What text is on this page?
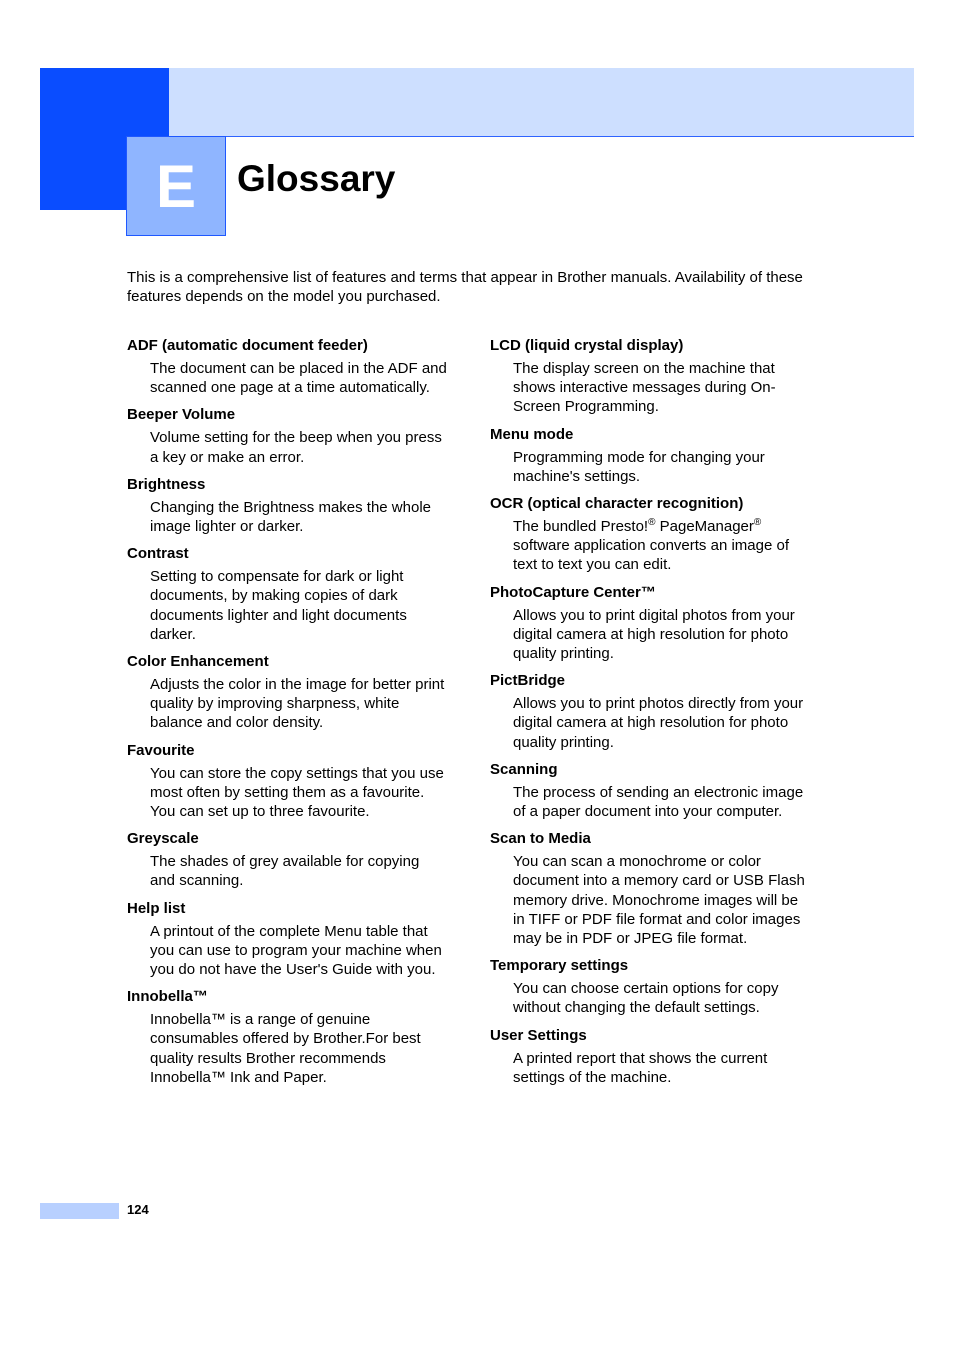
E Glossary
This is a comprehensive list of features and terms that appear in Brother manuals. Availability of these features depends on the model you purchased.
ADF (automatic document feeder)
The document can be placed in the ADF and scanned one page at a time automatically.
Beeper Volume
Volume setting for the beep when you press a key or make an error.
Brightness
Changing the Brightness makes the whole image lighter or darker.
Contrast
Setting to compensate for dark or light documents, by making copies of dark documents lighter and light documents darker.
Color Enhancement
Adjusts the color in the image for better print quality by improving sharpness, white balance and color density.
Favourite
You can store the copy settings that you use most often by setting them as a favourite. You can set up to three favourite.
Greyscale
The shades of grey available for copying and scanning.
Help list
A printout of the complete Menu table that you can use to program your machine when you do not have the User's Guide with you.
Innobella™
Innobella™ is a range of genuine consumables offered by Brother.For best quality results Brother recommends Innobella™ Ink and Paper.
LCD (liquid crystal display)
The display screen on the machine that shows interactive messages during On-Screen Programming.
Menu mode
Programming mode for changing your machine's settings.
OCR (optical character recognition)
The bundled Presto!® PageManager® software application converts an image of text to text you can edit.
PhotoCapture Center™
Allows you to print digital photos from your digital camera at high resolution for photo quality printing.
PictBridge
Allows you to print photos directly from your digital camera at high resolution for photo quality printing.
Scanning
The process of sending an electronic image of a paper document into your computer.
Scan to Media
You can scan a monochrome or color document into a memory card or USB Flash memory drive. Monochrome images will be in TIFF or PDF file format and color images may be in PDF or JPEG file format.
Temporary settings
You can choose certain options for copy without changing the default settings.
User Settings
A printed report that shows the current settings of the machine.
124
